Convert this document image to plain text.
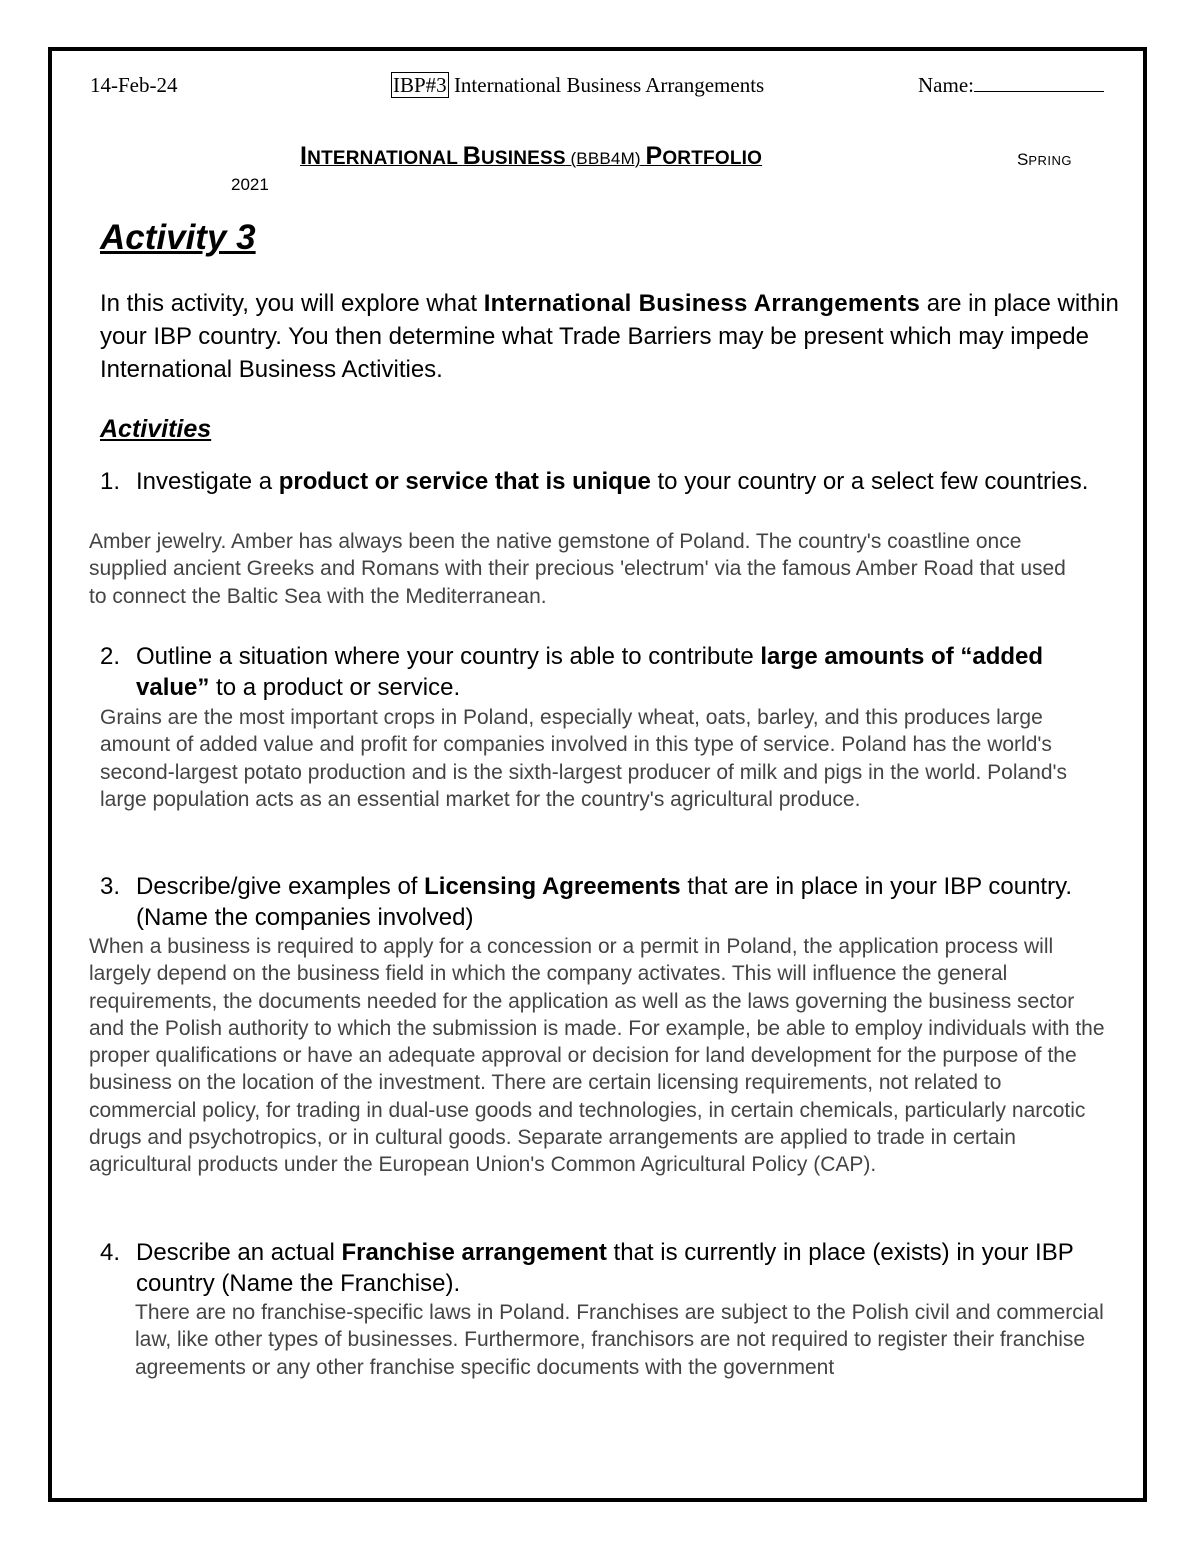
14-Feb-24	IBP#3 International Business Arrangements	Name:
INTERNATIONAL BUSINESS (BBB4M) PORTFOLIO	SPRING
2021
Activity 3
In this activity, you will explore what International Business Arrangements are in place within your IBP country. You then determine what Trade Barriers may be present which may impede International Business Activities.
Activities
1. Investigate a product or service that is unique to your country or a select few countries.
Amber jewelry. Amber has always been the native gemstone of Poland. The country's coastline once supplied ancient Greeks and Romans with their precious 'electrum' via the famous Amber Road that used to connect the Baltic Sea with the Mediterranean.
2. Outline a situation where your country is able to contribute large amounts of “added value” to a product or service.
Grains are the most important crops in Poland, especially wheat, oats, barley, and this produces large amount of added value and profit for companies involved in this type of service. Poland has the world's second-largest potato production and is the sixth-largest producer of milk and pigs in the world. Poland's large population acts as an essential market for the country's agricultural produce.
3. Describe/give examples of Licensing Agreements that are in place in your IBP country. (Name the companies involved)
When a business is required to apply for a concession or a permit in Poland, the application process will largely depend on the business field in which the company activates. This will influence the general requirements, the documents needed for the application as well as the laws governing the business sector and the Polish authority to which the submission is made. For example, be able to employ individuals with the proper qualifications or have an adequate approval or decision for land development for the purpose of the business on the location of the investment. There are certain licensing requirements, not related to commercial policy, for trading in dual-use goods and technologies, in certain chemicals, particularly narcotic drugs and psychotropics, or in cultural goods. Separate arrangements are applied to trade in certain agricultural products under the European Union's Common Agricultural Policy (CAP).
4. Describe an actual Franchise arrangement that is currently in place (exists) in your IBP country (Name the Franchise).
There are no franchise-specific laws in Poland. Franchises are subject to the Polish civil and commercial law, like other types of businesses. Furthermore, franchisors are not required to register their franchise agreements or any other franchise specific documents with the government
